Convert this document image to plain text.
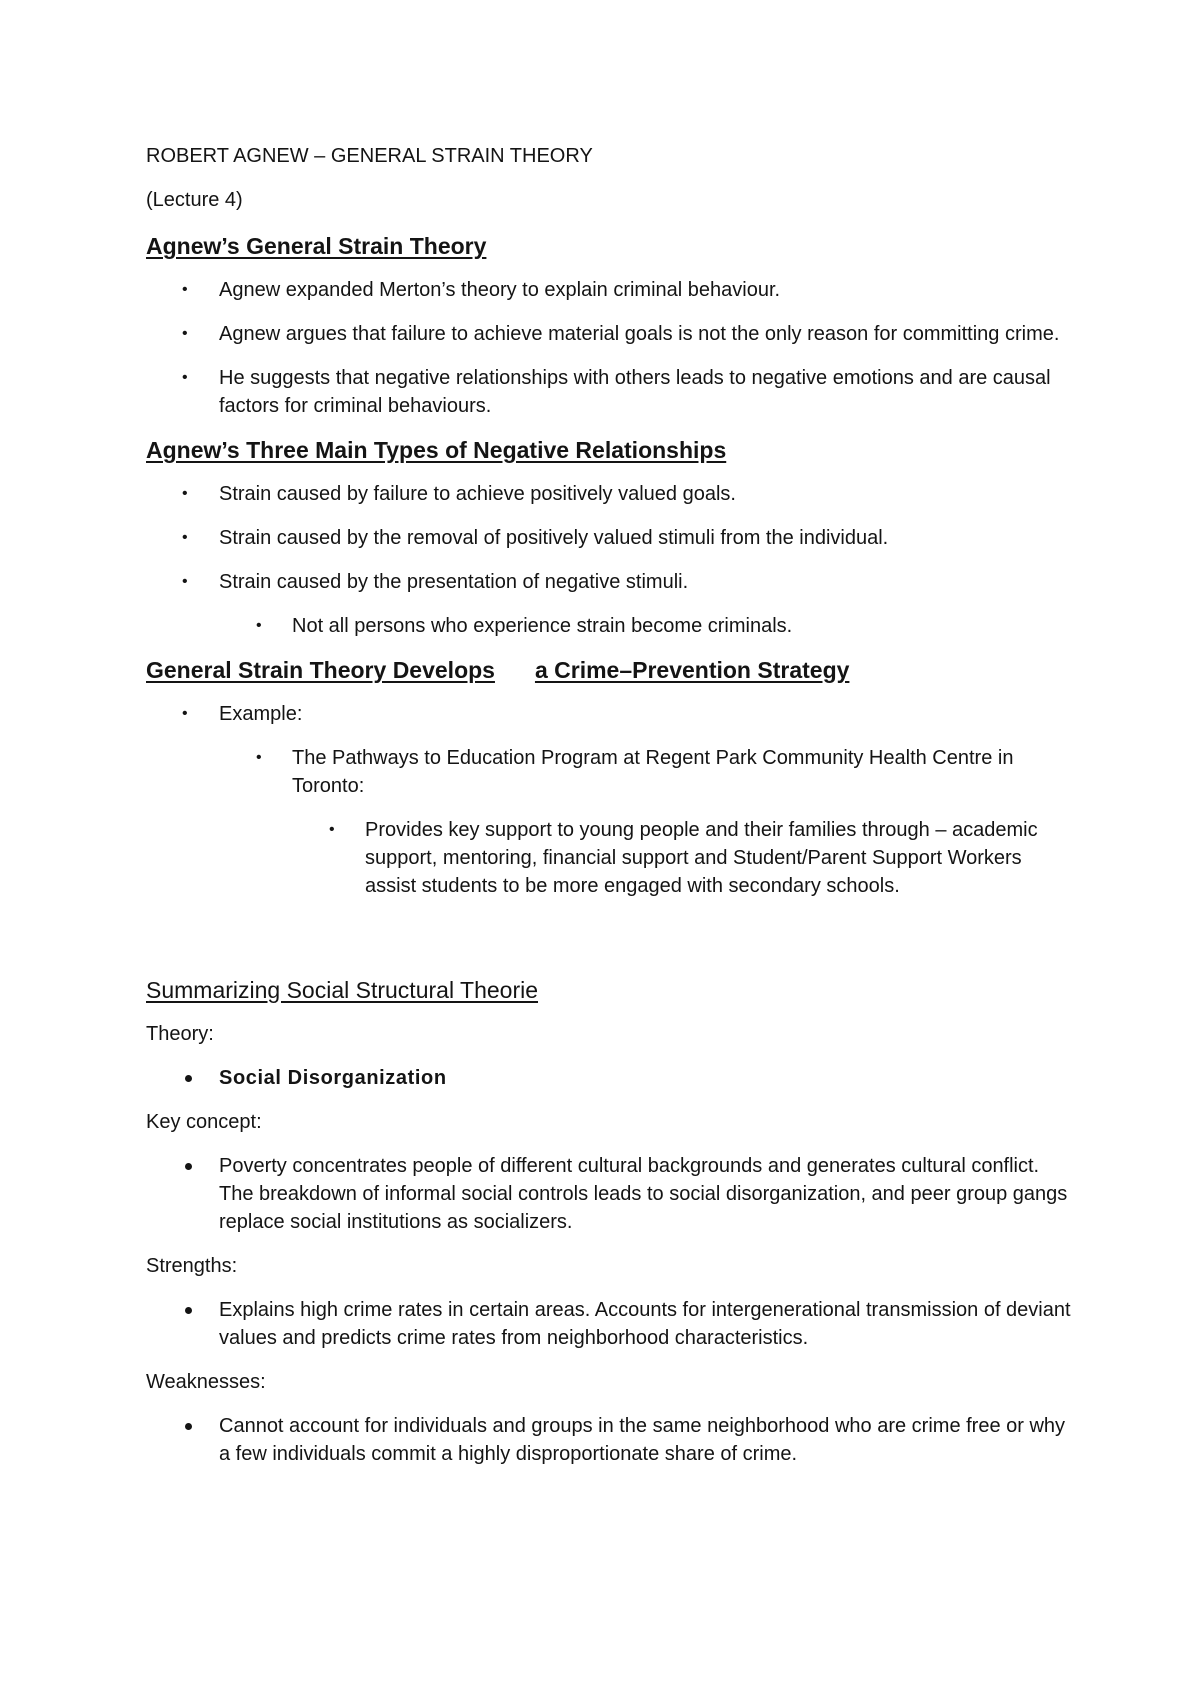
ROBERT AGNEW – GENERAL STRAIN THEORY

(Lecture 4)

Agnew’s General Strain Theory
• Agnew expanded Merton’s theory to explain criminal behaviour.
• Agnew argues that failure to achieve material goals is not the only reason for committing crime.
• He suggests that negative relationships with others leads to negative emotions and are causal factors for criminal behaviours.
Agnew’s Three Main Types of Negative Relationships
• Strain caused by failure to achieve positively valued goals.
• Strain caused by the removal of positively valued stimuli from the individual.
• Strain caused by the presentation of negative stimuli.
• Not all persons who experience strain become criminals.
General Strain Theory Develops a Crime–Prevention Strategy
• Example:
• The Pathways to Education Program at Regent Park Community Health Centre in Toronto:
• Provides key support to young people and their families through – academic support, mentoring, financial support and Student/Parent Support Workers assist students to be more engaged with secondary schools.

Summarizing Social Structural Theorie

Theory:

Social Disorganization

Key concept:

Poverty concentrates people of different cultural backgrounds and generates cultural conflict. The breakdown of informal social controls leads to social disorganization, and peer group gangs replace social institutions as socializers.

Strengths:

Explains high crime rates in certain areas. Accounts for intergenerational transmission of deviant values and predicts crime rates from neighborhood characteristics.

Weaknesses:

Cannot account for individuals and groups in the same neighborhood who are crime free or why a few individuals commit a highly disproportionate share of crime.
